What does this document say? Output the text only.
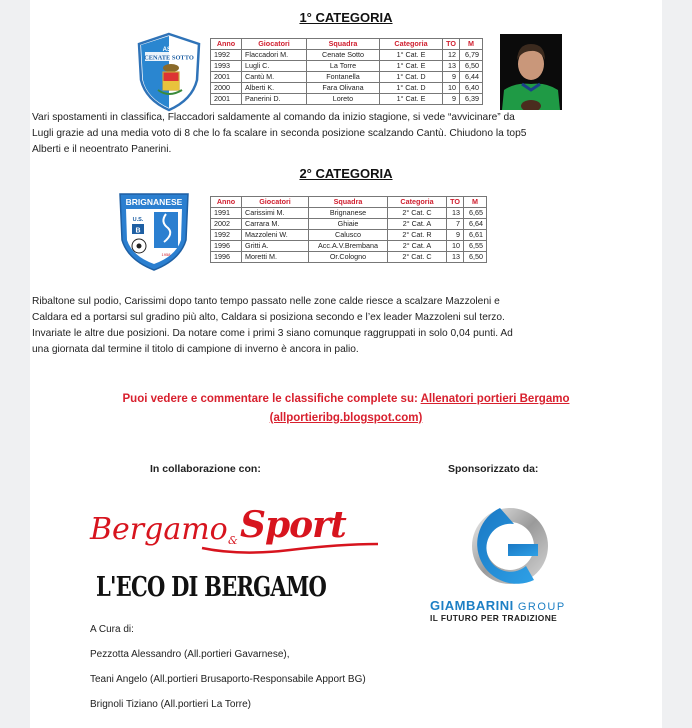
1° CATEGORIA
ASD
CENATE SOTTO
Anno	Giocatori	Squadra	Categoria	TO	M
1992	Flaccadori M.	Cenate Sotto	1° Cat. E	12	6,79
1993	Lugli C.	La Torre	1° Cat. E	13	6,50
2001	Cantù M.	Fontanella	1° Cat. D	9	6,44
2000	Alberti K.	Fara Olivana	1° Cat. D	10	6,40
2001	Panerini D.	Loreto	1° Cat. E	9	6,39
Vari spostamenti in classifica, Flaccadori saldamente al comando da inizio stagione, si vede “avvicinare” da
Lugli grazie ad una media voto di 8 che lo fa scalare in seconda posizione scalzando Cantù. Chiudono la top5
Alberti e il neoentrato Panerini.
2° CATEGORIA
BRIGNANESE
U.S.
B
1958
Anno	Giocatori	Squadra	Categoria	TO	M
1991	Carissimi M.	Brignanese	2° Cat. C	13	6,65
2002	Carrara M.	Ghiaie	2° Cat. A	7	6,64
1992	Mazzoleni W.	Calusco	2° Cat. R	9	6,61
1996	Gritti A.	Acc.A.V.Brembana	2° Cat. A	10	6,55
1996	Moretti M.	Or.Cologno	2° Cat. C	13	6,50
Ribaltone sul podio, Carissimi dopo tanto tempo passato nelle zone calde riesce a scalzare Mazzoleni e
Caldara ed a portarsi sul gradino più alto, Caldara si posiziona secondo e l’ex leader Mazzoleni sul terzo.
Invariate le altre due posizioni. Da notare come i primi 3 siano comunque raggruppati in solo 0,04 punti. Ad
una giornata dal termine il titolo di campione di inverno è ancora in palio.
Puoi vedere e commentare le classifiche complete su: Allenatori portieri Bergamo
(allportieribg.blogspot.com)
In collaborazione con:	Sponsorizzato da:
Bergamo & Sport
L'ECO DI BERGAMO
GIAMBARINI GROUP
IL FUTURO PER TRADIZIONE
A Cura di:
Pezzotta Alessandro (All.portieri Gavarnese),
Teani Angelo (All.portieri Brusaporto-Responsabile Apport BG)
Brignoli Tiziano (All.portieri La Torre)
